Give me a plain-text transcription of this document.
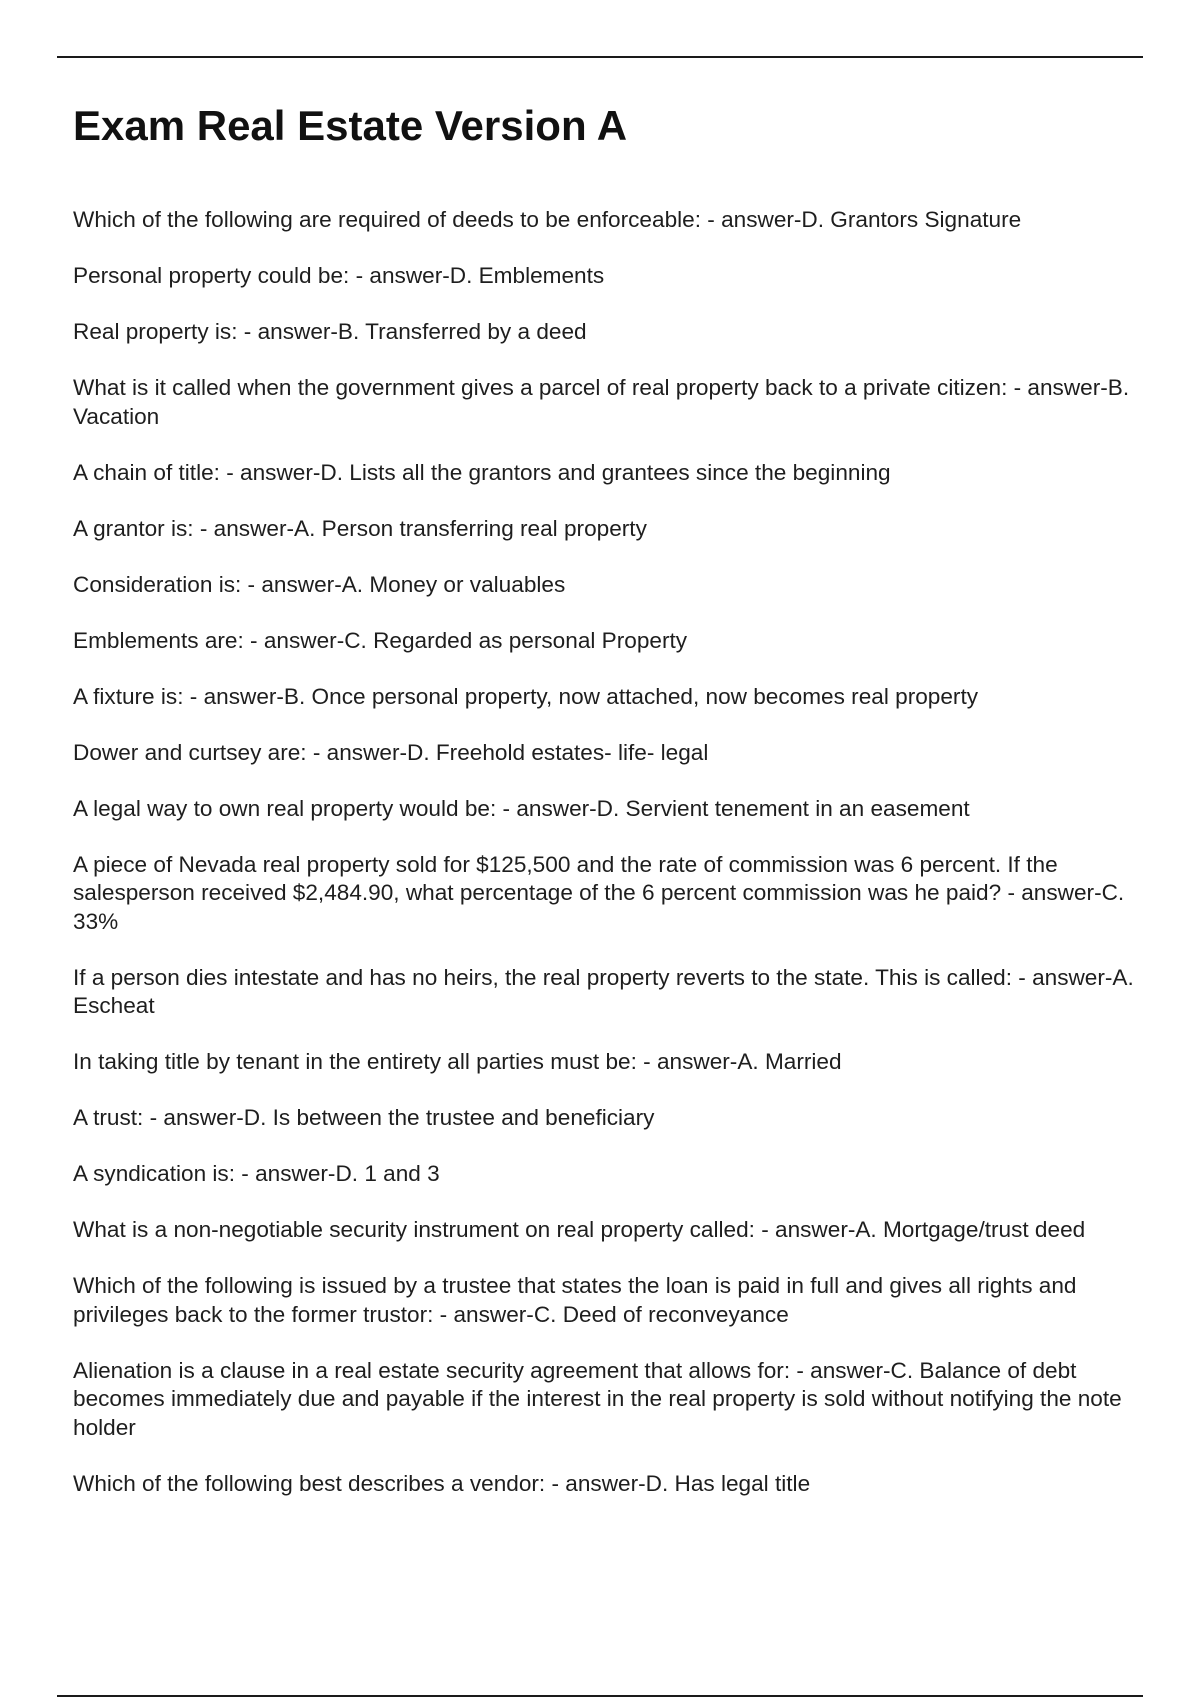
Exam Real Estate Version A
Which of the following are required of deeds to be enforceable: - answer-D. Grantors Signature
Personal property could be: - answer-D. Emblements
Real property is: - answer-B. Transferred by a deed
What is it called when the government gives a parcel of real property back to a private citizen: - answer-B. Vacation
A chain of title: - answer-D. Lists all the grantors and grantees since the beginning
A grantor is: - answer-A. Person transferring real property
Consideration is: - answer-A. Money or valuables
Emblements are: - answer-C. Regarded as personal Property
A fixture is: - answer-B. Once personal property, now attached, now becomes real property
Dower and curtsey are: - answer-D. Freehold estates- life- legal
A legal way to own real property would be: - answer-D. Servient tenement in an easement
A piece of Nevada real property sold for $125,500 and the rate of commission was 6 percent. If the salesperson received $2,484.90, what percentage of the 6 percent commission was he paid? - answer-C. 33%
If a person dies intestate and has no heirs, the real property reverts to the state. This is called: - answer-A. Escheat
In taking title by tenant in the entirety all parties must be: - answer-A. Married
A trust: - answer-D. Is between the trustee and beneficiary
A syndication is: - answer-D. 1 and 3
What is a non-negotiable security instrument on real property called: - answer-A. Mortgage/trust deed
Which of the following is issued by a trustee that states the loan is paid in full and gives all rights and privileges back to the former trustor: - answer-C. Deed of reconveyance
Alienation is a clause in a real estate security agreement that allows for: - answer-C. Balance of debt becomes immediately due and payable if the interest in the real property is sold without notifying the note holder
Which of the following best describes a vendor: - answer-D. Has legal title
